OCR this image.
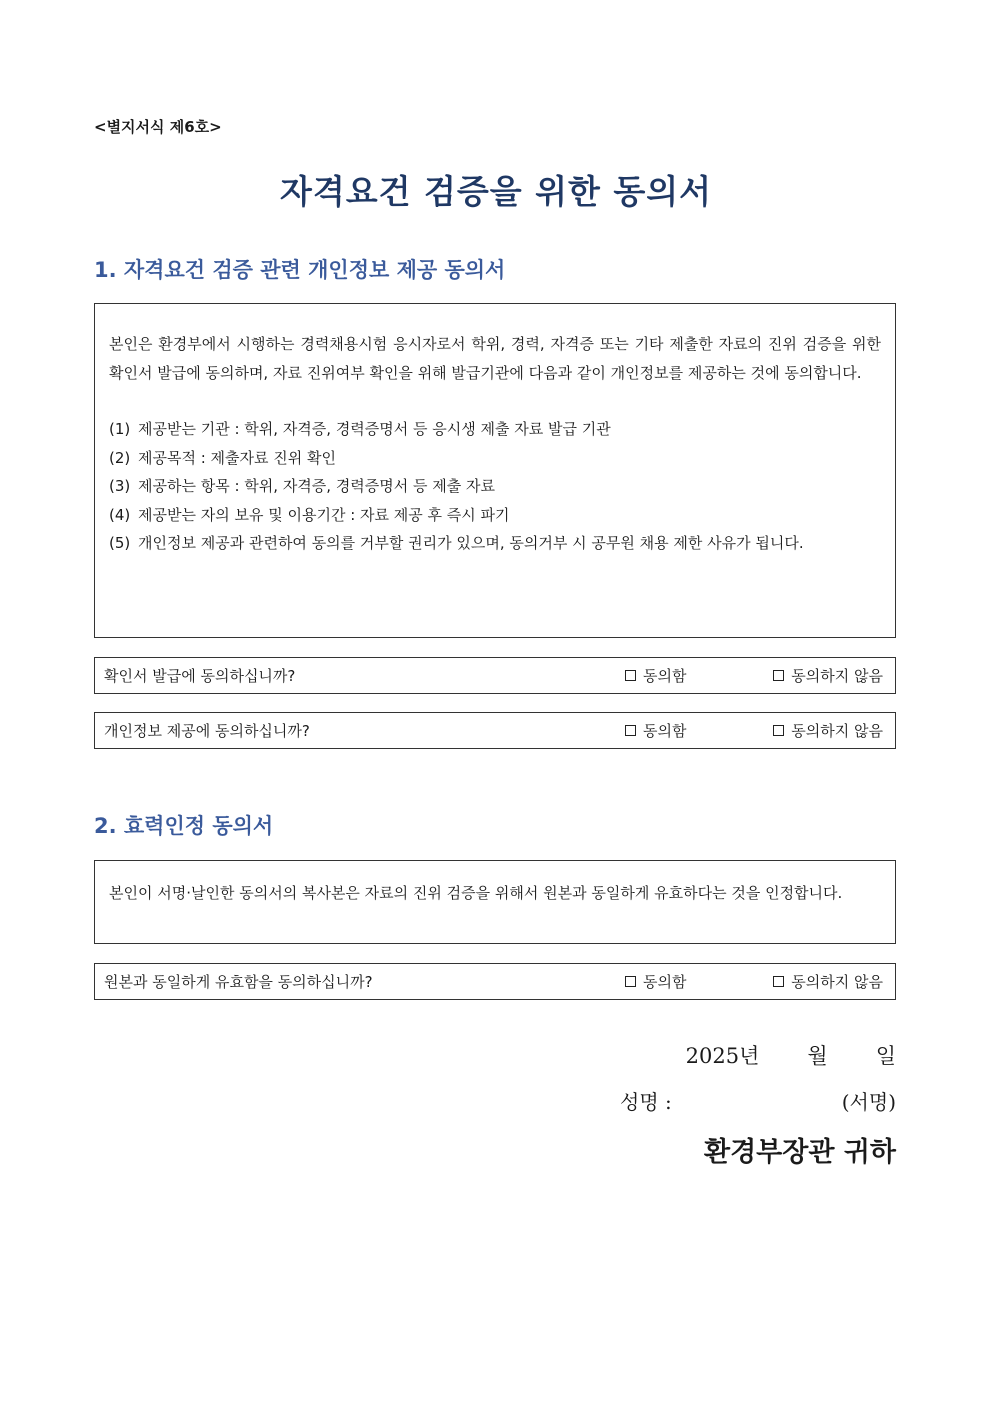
<별지서식 제6호>
자격요건 검증을 위한 동의서
1. 자격요건 검증 관련 개인정보 제공 동의서

본인은 환경부에서 시행하는 경력채용시험 응시자로서 학위, 경력, 자격증 또는 기타 제출한 자료의 진위 검증을 위한 확인서 발급에 동의하며, 자료 진위여부 확인을 위해 발급기관에 다음과 같이 개인정보를 제공하는 것에 동의합니다.

(1) 제공받는 기관 : 학위, 자격증, 경력증명서 등 응시생 제출 자료 발급 기관
(2) 제공목적 : 제출자료 진위 확인
(3) 제공하는 항목 : 학위, 자격증, 경력증명서 등 제출 자료
(4) 제공받는 자의 보유 및 이용기간 : 자료 제공 후 즉시 파기
(5) 개인정보 제공과 관련하여 동의를 거부할 권리가 있으며, 동의거부 시 공무원 채용 제한 사유가 됩니다.
확인서 발급에 동의하십니까?	동의함	동의하지 않음
개인정보 제공에 동의하십니까?	동의함	동의하지 않음
2. 효력인정 동의서

본인이 서명·날인한 동의서의 복사본은 자료의 진위 검증을 위해서 원본과 동일하게 유효하다는 것을 인정합니다.

원본과 동일하게 유효함을 동의하십니까?	동의함	동의하지 않음
2025년 월 일
성명 :	(서명)
환경부장관 귀하
